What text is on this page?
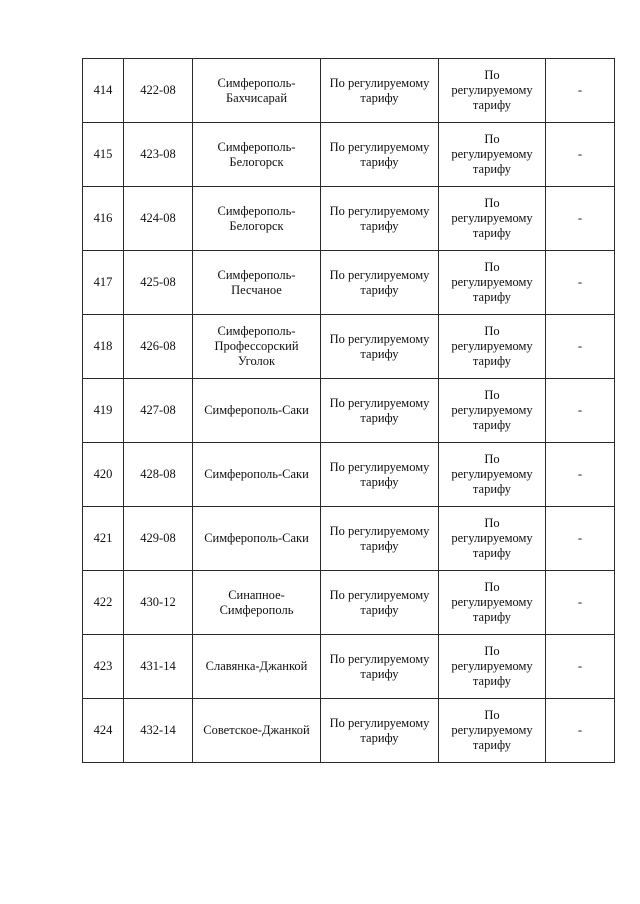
414	422-08	Симферополь-
Бахчисарай	По регулируемому
тарифу	По
регулируемому
тарифу	-
415	423-08	Симферополь-
Белогорск	По регулируемому
тарифу	По
регулируемому
тарифу	-
416	424-08	Симферополь-
Белогорск	По регулируемому
тарифу	По
регулируемому
тарифу	-
417	425-08	Симферополь-
Песчаное	По регулируемому
тарифу	По
регулируемому
тарифу	-
418	426-08	Симферополь-
Профессорский
Уголок	По регулируемому
тарифу	По
регулируемому
тарифу	-
419	427-08	Симферополь-Саки	По регулируемому
тарифу	По
регулируемому
тарифу	-
420	428-08	Симферополь-Саки	По регулируемому
тарифу	По
регулируемому
тарифу	-
421	429-08	Симферополь-Саки	По регулируемому
тарифу	По
регулируемому
тарифу	-
422	430-12	Синапное-
Симферополь	По регулируемому
тарифу	По
регулируемому
тарифу	-
423	431-14	Славянка-Джанкой	По регулируемому
тарифу	По
регулируемому
тарифу	-
424	432-14	Советское-Джанкой	По регулируемому
тарифу	По
регулируемому
тарифу	-
